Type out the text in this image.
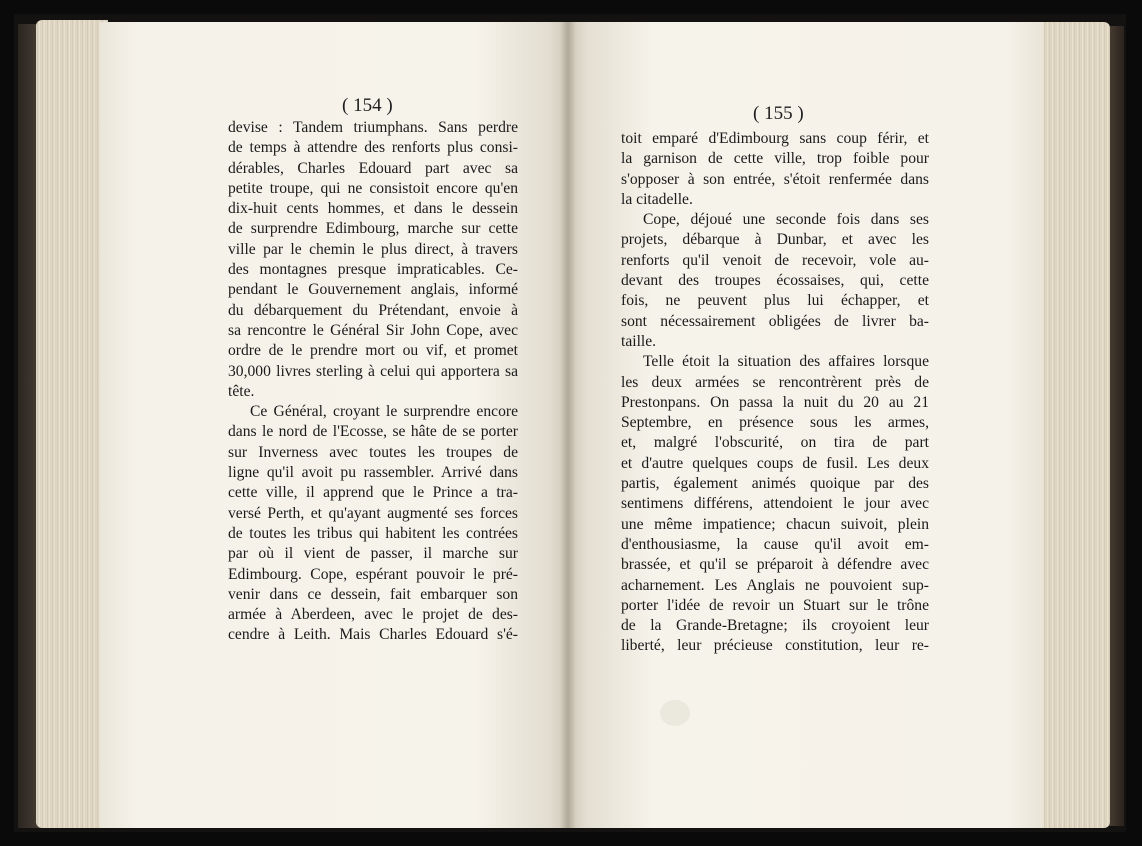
( 154 )	( 155 )
devise : Tandem triumphans. Sans perdre
de temps à attendre des renforts plus consi-
dérables, Charles Edouard part avec sa
petite troupe, qui ne consistoit encore qu'en
dix-huit cents hommes, et dans le dessein
de surprendre Edimbourg, marche sur cette
ville par le chemin le plus direct, à travers
des montagnes presque impraticables. Ce-
pendant le Gouvernement anglais, informé
du débarquement du Prétendant, envoie à
sa rencontre le Général Sir John Cope, avec
ordre de le prendre mort ou vif, et promet
30,000 livres sterling à celui qui apportera sa
tête.
Ce Général, croyant le surprendre encore
dans le nord de l'Ecosse, se hâte de se porter
sur Inverness avec toutes les troupes de
ligne qu'il avoit pu rassembler. Arrivé dans
cette ville, il apprend que le Prince a tra-
versé Perth, et qu'ayant augmenté ses forces
de toutes les tribus qui habitent les contrées
par où il vient de passer, il marche sur
Edimbourg. Cope, espérant pouvoir le pré-
venir dans ce dessein, fait embarquer son
armée à Aberdeen, avec le projet de des-
cendre à Leith. Mais Charles Edouard s'é-
toit emparé d'Edimbourg sans coup férir, et
la garnison de cette ville, trop foible pour
s'opposer à son entrée, s'étoit renfermée dans
la citadelle.
Cope, déjoué une seconde fois dans ses
projets, débarque à Dunbar, et avec les
renforts qu'il venoit de recevoir, vole au-
devant des troupes écossaises, qui, cette
fois, ne peuvent plus lui échapper, et
sont nécessairement obligées de livrer ba-
taille.
Telle étoit la situation des affaires lorsque
les deux armées se rencontrèrent près de
Prestonpans. On passa la nuit du 20 au 21
Septembre, en présence sous les armes,
et, malgré l'obscurité, on tira de part
et d'autre quelques coups de fusil. Les deux
partis, également animés quoique par des
sentimens différens, attendoient le jour avec
une même impatience; chacun suivoit, plein
d'enthousiasme, la cause qu'il avoit em-
brassée, et qu'il se préparoit à défendre avec
acharnement. Les Anglais ne pouvoient sup-
porter l'idée de revoir un Stuart sur le trône
de la Grande-Bretagne; ils croyoient leur
liberté, leur précieuse constitution, leur re-
